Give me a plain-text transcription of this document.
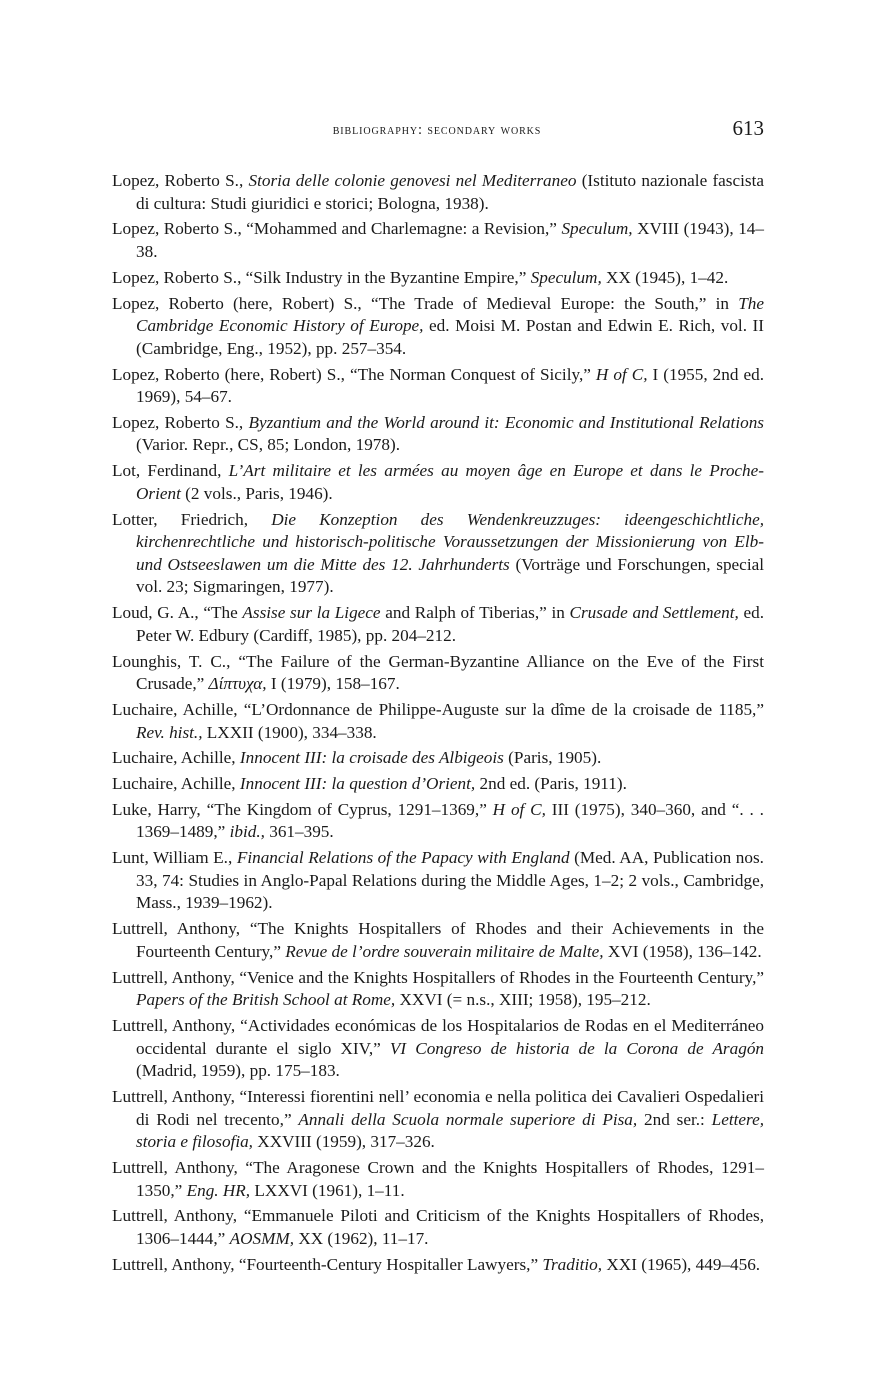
bibliography: secondary works	613

Lopez, Roberto S., Storia delle colonie genovesi nel Mediterraneo (Istituto nazionale fascista di cultura: Studi giuridici e storici; Bologna, 1938).

Lopez, Roberto S., “Mohammed and Charlemagne: a Revision,” Speculum, XVIII (1943), 14–38.

Lopez, Roberto S., “Silk Industry in the Byzantine Empire,” Speculum, XX (1945), 1–42.

Lopez, Roberto (here, Robert) S., “The Trade of Medieval Europe: the South,” in The Cambridge Economic History of Europe, ed. Moisi M. Postan and Edwin E. Rich, vol. II (Cambridge, Eng., 1952), pp. 257–354.

Lopez, Roberto (here, Robert) S., “The Norman Conquest of Sicily,” H of C, I (1955, 2nd ed. 1969), 54–67.

Lopez, Roberto S., Byzantium and the World around it: Economic and Institutional Relations (Varior. Repr., CS, 85; London, 1978).

Lot, Ferdinand, L’Art militaire et les armées au moyen âge en Europe et dans le Proche-Orient (2 vols., Paris, 1946).

Lotter, Friedrich, Die Konzeption des Wendenkreuzzuges: ideengeschichtliche, kirchenrechtliche und historisch-politische Voraussetzungen der Missionierung von Elb- und Ostseeslawen um die Mitte des 12. Jahrhunderts (Vorträge und Forschungen, special vol. 23; Sigmaringen, 1977).

Loud, G. A., “The Assise sur la Ligece and Ralph of Tiberias,” in Crusade and Settlement, ed. Peter W. Edbury (Cardiff, 1985), pp. 204–212.

Lounghis, T. C., “The Failure of the German-Byzantine Alliance on the Eve of the First Crusade,” Δίπτυχα, I (1979), 158–167.

Luchaire, Achille, “L’Ordonnance de Philippe-Auguste sur la dîme de la croisade de 1185,” Rev. hist., LXXII (1900), 334–338.

Luchaire, Achille, Innocent III: la croisade des Albigeois (Paris, 1905).

Luchaire, Achille, Innocent III: la question d’Orient, 2nd ed. (Paris, 1911).

Luke, Harry, “The Kingdom of Cyprus, 1291–1369,” H of C, III (1975), 340–360, and “. . . 1369–1489,” ibid., 361–395.

Lunt, William E., Financial Relations of the Papacy with England (Med. AA, Publication nos. 33, 74: Studies in Anglo-Papal Relations during the Middle Ages, 1–2; 2 vols., Cambridge, Mass., 1939–1962).

Luttrell, Anthony, “The Knights Hospitallers of Rhodes and their Achievements in the Fourteenth Century,” Revue de l’ordre souverain militaire de Malte, XVI (1958), 136–142.

Luttrell, Anthony, “Venice and the Knights Hospitallers of Rhodes in the Fourteenth Century,” Papers of the British School at Rome, XXVI (= n.s., XIII; 1958), 195–212.

Luttrell, Anthony, “Actividades económicas de los Hospitalarios de Rodas en el Mediterráneo occidental durante el siglo XIV,” VI Congreso de historia de la Corona de Aragón (Madrid, 1959), pp. 175–183.

Luttrell, Anthony, “Interessi fiorentini nell’ economia e nella politica dei Cavalieri Ospedalieri di Rodi nel trecento,” Annali della Scuola normale superiore di Pisa, 2nd ser.: Lettere, storia e filosofia, XXVIII (1959), 317–326.

Luttrell, Anthony, “The Aragonese Crown and the Knights Hospitallers of Rhodes, 1291–1350,” Eng. HR, LXXVI (1961), 1–11.

Luttrell, Anthony, “Emmanuele Piloti and Criticism of the Knights Hospitallers of Rhodes, 1306–1444,” AOSMM, XX (1962), 11–17.

Luttrell, Anthony, “Fourteenth-Century Hospitaller Lawyers,” Traditio, XXI (1965), 449–456.
